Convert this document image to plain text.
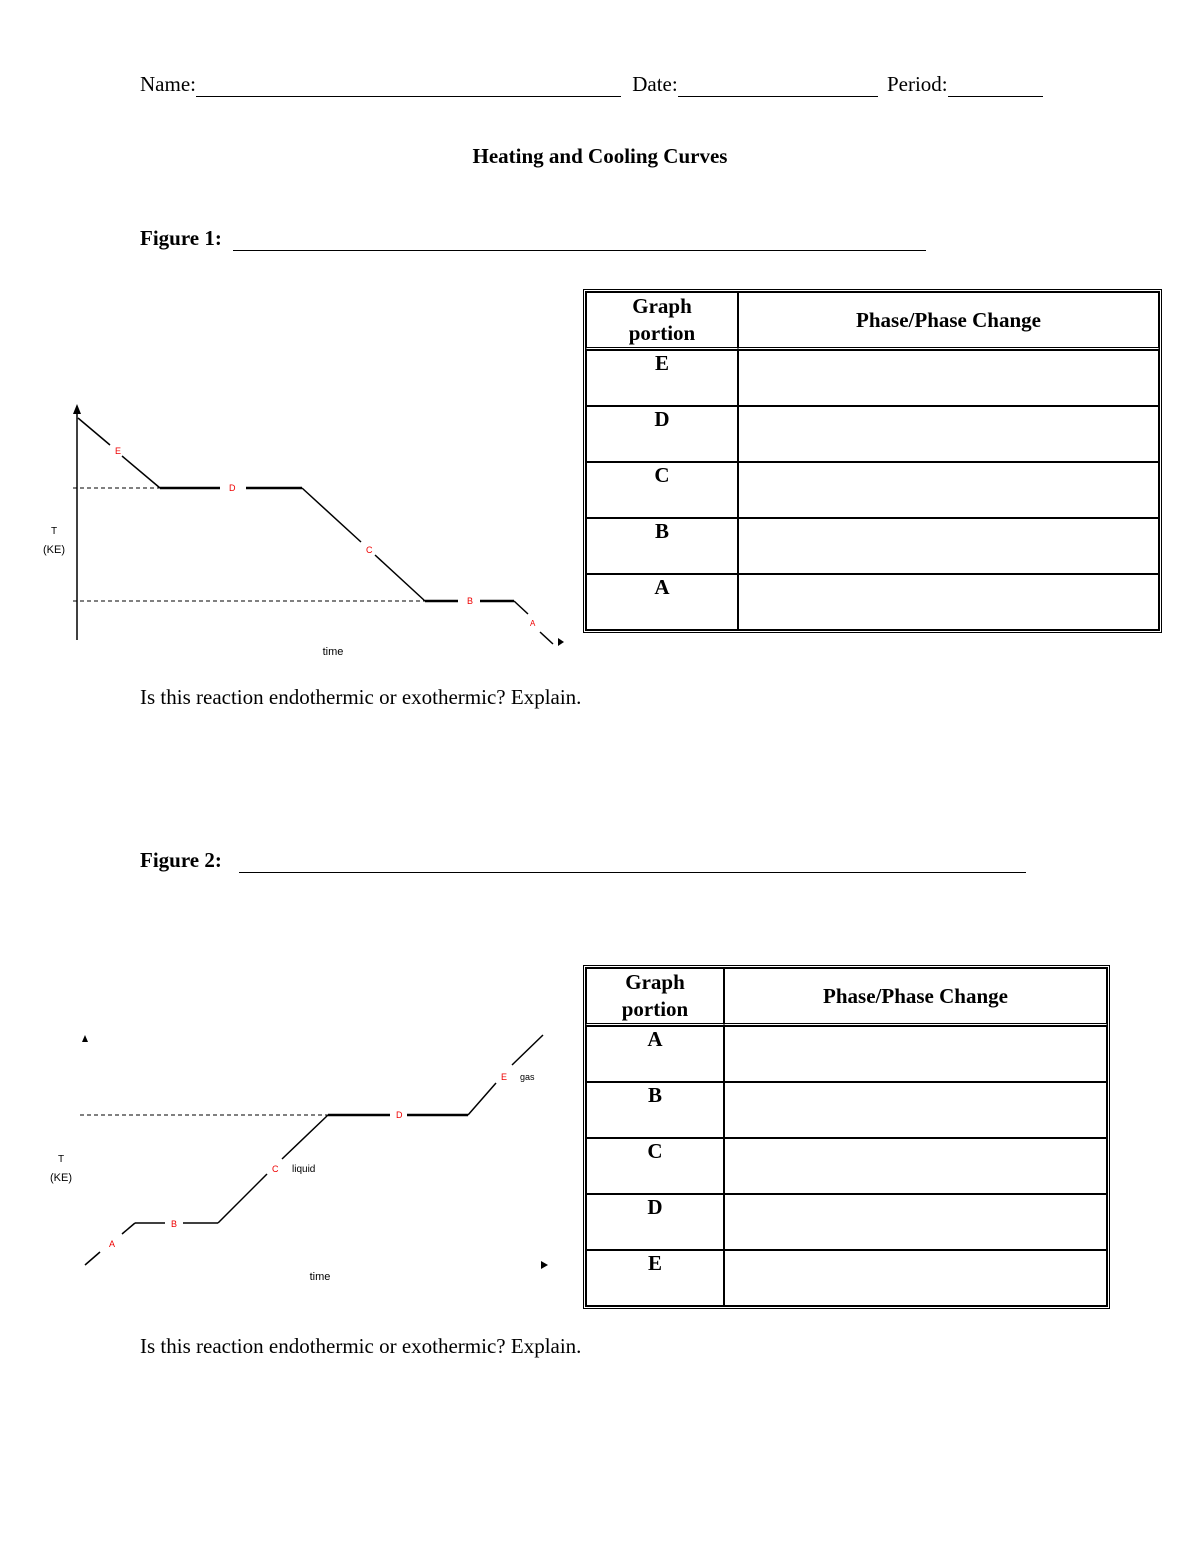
Name:	Date:	Period:
Heating and Cooling Curves
Figure 1:
E
D
C
B
A
T
(KE)
time
Graph
portion	Phase/Phase Change
E	
D	
C	
B	
A	
Is this reaction endothermic or exothermic? Explain.
Figure 2:
A
B
C liquid
D
E gas
T
(KE)
time
Graph
portion	Phase/Phase Change
A	
B	
C	
D	
E	
Is this reaction endothermic or exothermic? Explain.
